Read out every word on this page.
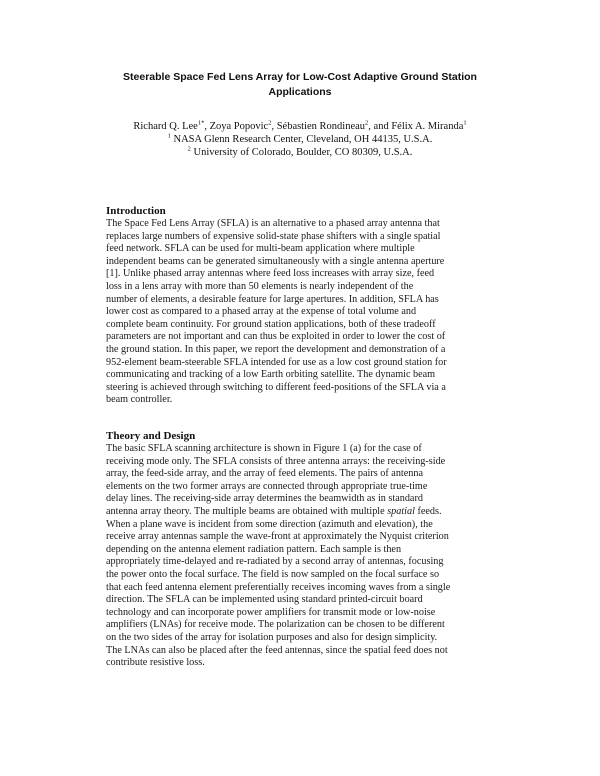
Steerable Space Fed Lens Array for Low-Cost Adaptive Ground Station
Applications
Richard Q. Lee$^{1*}$, Zoya Popovic$^2$, Sébastien Rondineau$^2$, and Félix A. Miranda$^1$
$^1$ NASA Glenn Research Center, Cleveland, OH 44135, U.S.A.
$^2$ University of Colorado, Boulder, CO 80309, U.S.A.
Introduction
The Space Fed Lens Array (SFLA) is an alternative to a phased array antenna that
replaces large numbers of expensive solid-state phase shifters with a single spatial
feed network. SFLA can be used for multi-beam application where multiple
independent beams can be generated simultaneously with a single antenna aperture
[1]. Unlike phased array antennas where feed loss increases with array size, feed
loss in a lens array with more than 50 elements is nearly independent of the
number of elements, a desirable feature for large apertures. In addition, SFLA has
lower cost as compared to a phased array at the expense of total volume and
complete beam continuity. For ground station applications, both of these tradeoff
parameters are not important and can thus be exploited in order to lower the cost of
the ground station. In this paper, we report the development and demonstration of a
952-element beam-steerable SFLA intended for use as a low cost ground station for
communicating and tracking of a low Earth orbiting satellite. The dynamic beam
steering is achieved through switching to different feed-positions of the SFLA via a
beam controller.
Theory and Design
The basic SFLA scanning architecture is shown in Figure 1 (a) for the case of
receiving mode only. The SFLA consists of three antenna arrays: the receiving-side
array, the feed-side array, and the array of feed elements. The pairs of antenna
elements on the two former arrays are connected through appropriate true-time
delay lines. The receiving-side array determines the beamwidth as in standard
antenna array theory. The multiple beams are obtained with multiple spatial feeds.
When a plane wave is incident from some direction (azimuth and elevation), the
receive array antennas sample the wave-front at approximately the Nyquist criterion
depending on the antenna element radiation pattern. Each sample is then
appropriately time-delayed and re-radiated by a second array of antennas, focusing
the power onto the focal surface. The field is now sampled on the focal surface so
that each feed antenna element preferentially receives incoming waves from a single
direction. The SFLA can be implemented using standard printed-circuit board
technology and can incorporate power amplifiers for transmit mode or low-noise
amplifiers (LNAs) for receive mode. The polarization can be chosen to be different
on the two sides of the array for isolation purposes and also for design simplicity.
The LNAs can also be placed after the feed antennas, since the spatial feed does not
contribute resistive loss.
